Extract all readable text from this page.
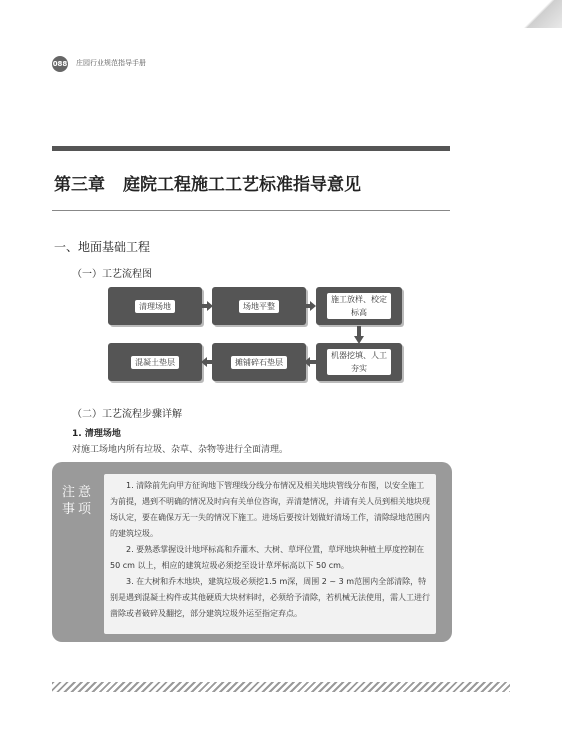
088 庄园行业规范指导手册
第三章 庭院工程施工工艺标准指导意见
一、地面基础工程
（一）工艺流程图
清理场地	场地平整
施工放样、校定
标高
混凝土垫层	摊铺碎石垫层
机器挖填、人工
夯实
（二）工艺流程步骤详解
1. 清理场地
对施工场地内所有垃圾、杂草、杂物等进行全面清理。
注意
事项

1. 清除前先向甲方征询地下管理线分线分布情况及相关地块管线分布图，以安全施工为前提，遇到不明确的情况及时向有关单位咨询，弄清楚情况，并请有关人员到相关地块现场认定，要在确保万无一失的情况下施工。进场后要按计划做好清场工作，清除绿地范围内的建筑垃圾。

2. 要熟悉掌握设计地坪标高和乔灌木、大树、草坪位置，草坪地块种植土厚度控制在 50 cm 以上，相应的建筑垃圾必须挖至设计草坪标高以下 50 cm。

3. 在大树和乔木地块，建筑垃圾必须挖1.5 m深，周围 2 ~ 3 m范围内全部清除，特别是遇到混凝土构件或其他硬质大块材料时，必须给予清除，若机械无法使用，需人工进行凿除或者破碎及翻挖，部分建筑垃圾外运至指定弃点。
